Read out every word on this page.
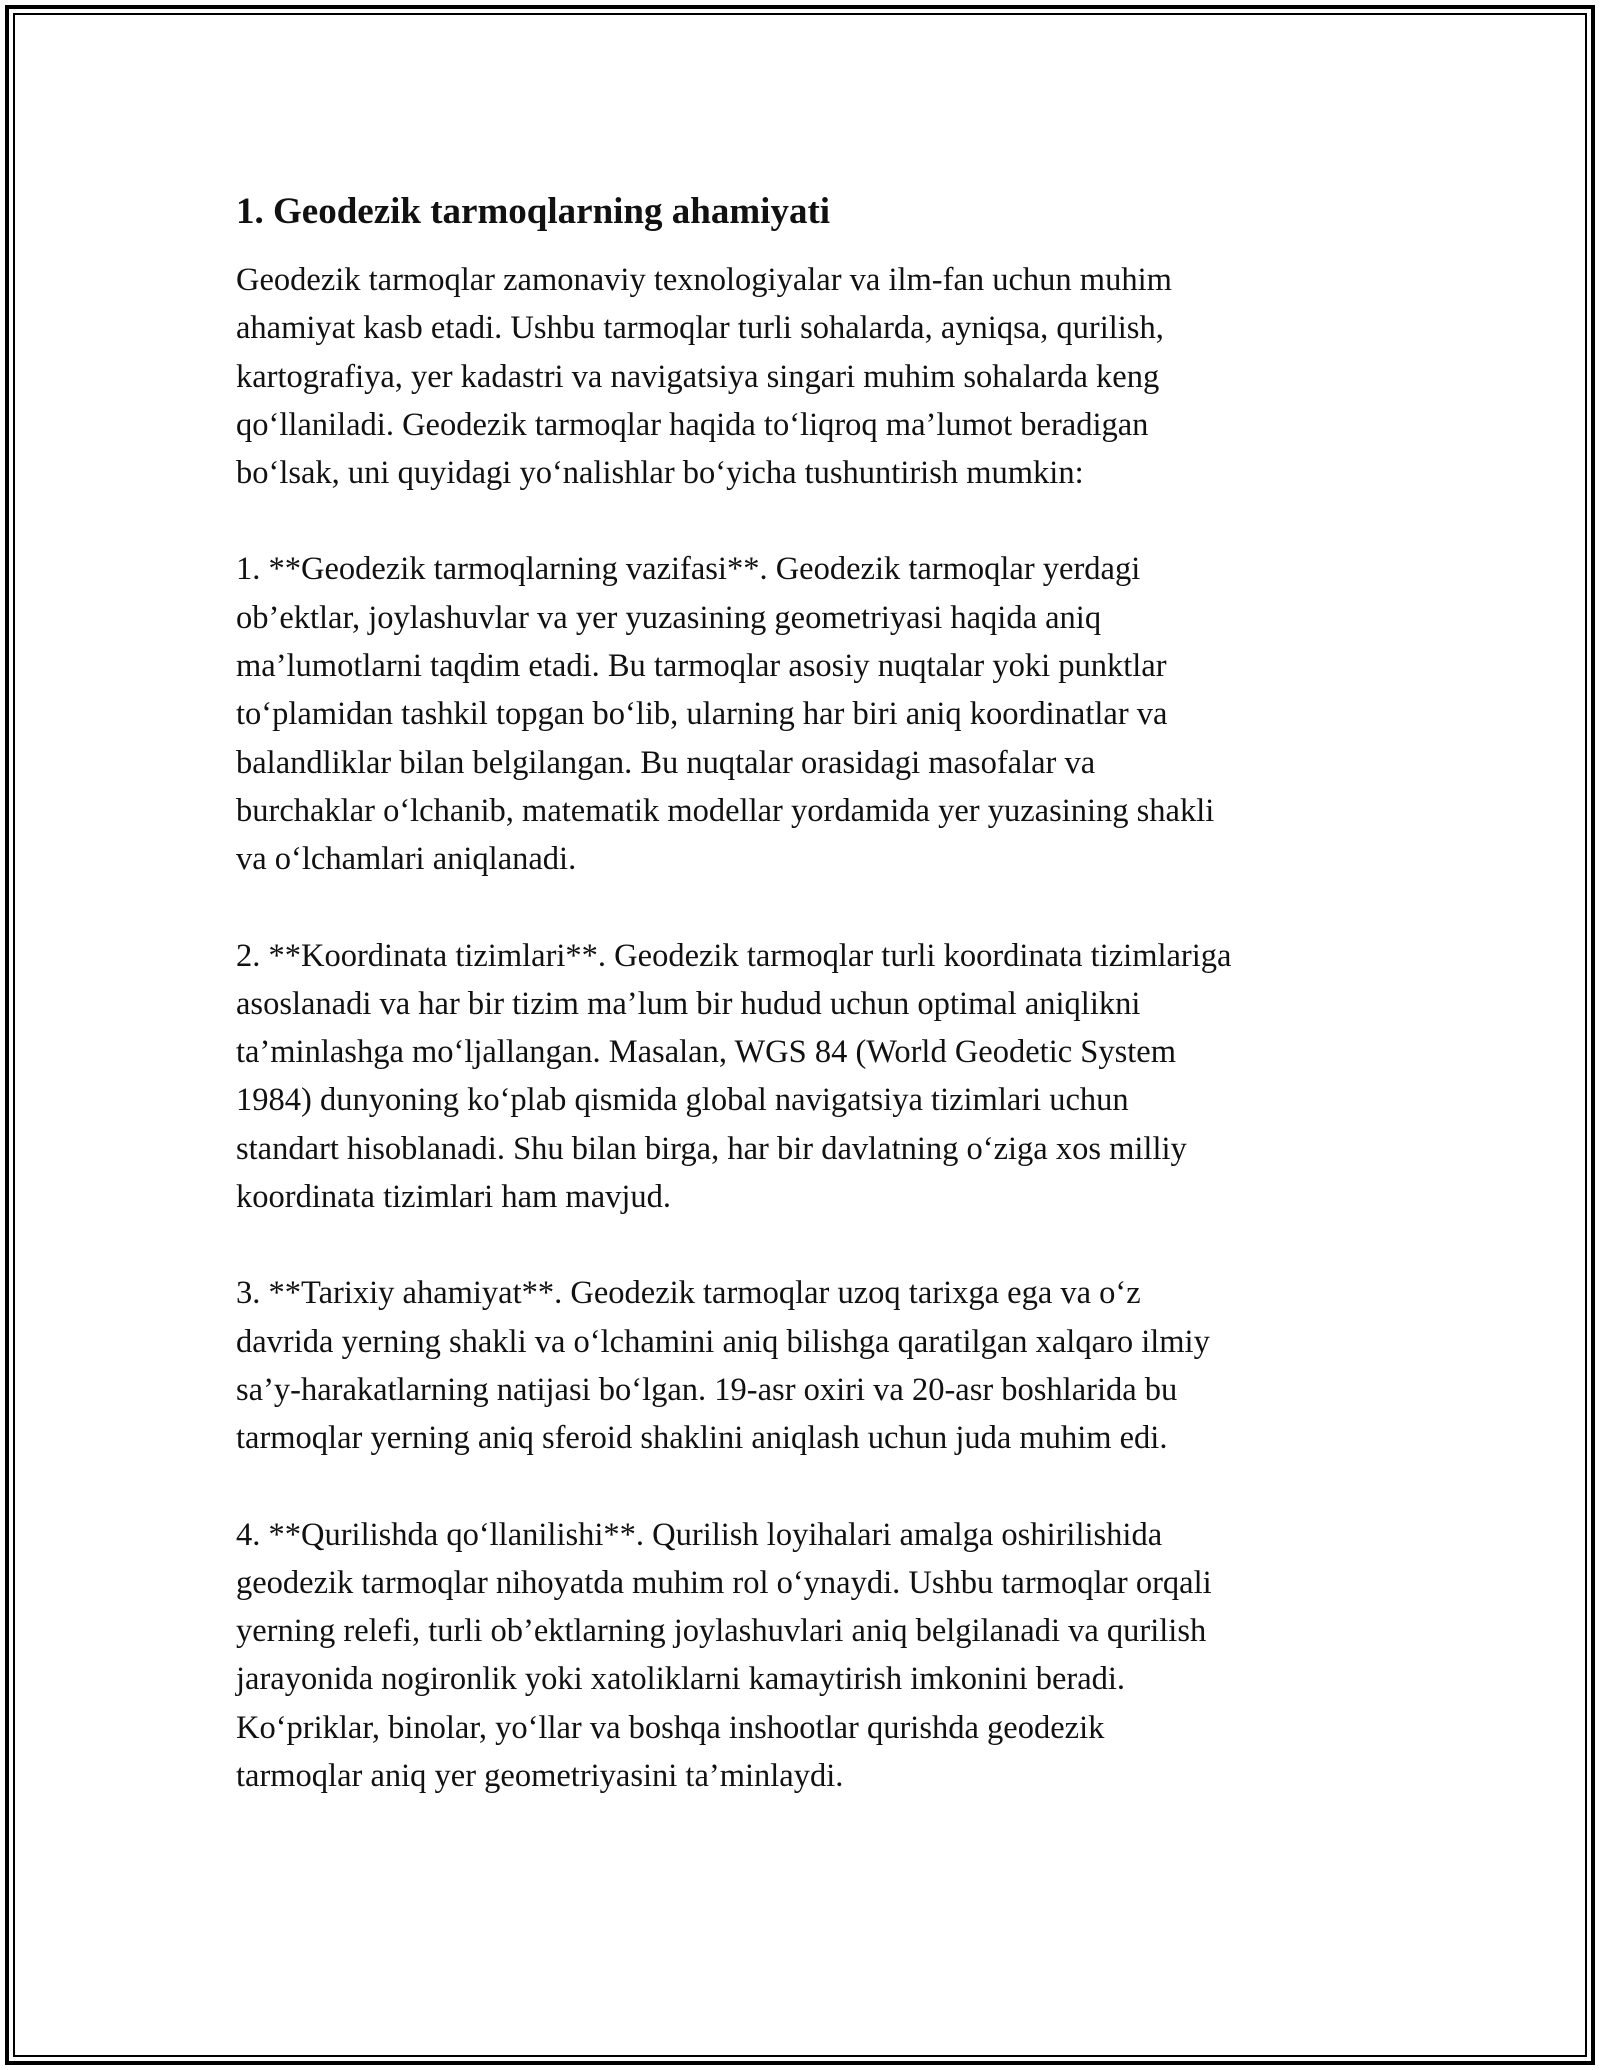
1. Geodezik tarmoqlarning ahamiyati

Geodezik tarmoqlar zamonaviy texnologiyalar va ilm-fan uchun muhim
ahamiyat kasb etadi. Ushbu tarmoqlar turli sohalarda, ayniqsa, qurilish,
kartografiya, yer kadastri va navigatsiya singari muhim sohalarda keng
qo‘llaniladi. Geodezik tarmoqlar haqida to‘liqroq ma’lumot beradigan
bo‘lsak, uni quyidagi yo‘nalishlar bo‘yicha tushuntirish mumkin:

1. **Geodezik tarmoqlarning vazifasi**. Geodezik tarmoqlar yerdagi
ob’ektlar, joylashuvlar va yer yuzasining geometriyasi haqida aniq
ma’lumotlarni taqdim etadi. Bu tarmoqlar asosiy nuqtalar yoki punktlar
to‘plamidan tashkil topgan bo‘lib, ularning har biri aniq koordinatlar va
balandliklar bilan belgilangan. Bu nuqtalar orasidagi masofalar va
burchaklar o‘lchanib, matematik modellar yordamida yer yuzasining shakli
va o‘lchamlari aniqlanadi.

2. **Koordinata tizimlari**. Geodezik tarmoqlar turli koordinata tizimlariga
asoslanadi va har bir tizim ma’lum bir hudud uchun optimal aniqlikni
ta’minlashga mo‘ljallangan. Masalan, WGS 84 (World Geodetic System
1984) dunyoning ko‘plab qismida global navigatsiya tizimlari uchun
standart hisoblanadi. Shu bilan birga, har bir davlatning o‘ziga xos milliy
koordinata tizimlari ham mavjud.

3. **Tarixiy ahamiyat**. Geodezik tarmoqlar uzoq tarixga ega va o‘z
davrida yerning shakli va o‘lchamini aniq bilishga qaratilgan xalqaro ilmiy
sa’y-harakatlarning natijasi bo‘lgan. 19-asr oxiri va 20-asr boshlarida bu
tarmoqlar yerning aniq sferoid shaklini aniqlash uchun juda muhim edi.

4. **Qurilishda qo‘llanilishi**. Qurilish loyihalari amalga oshirilishida
geodezik tarmoqlar nihoyatda muhim rol o‘ynaydi. Ushbu tarmoqlar orqali
yerning relefi, turli ob’ektlarning joylashuvlari aniq belgilanadi va qurilish
jarayonida nogironlik yoki xatoliklarni kamaytirish imkonini beradi.
Ko‘priklar, binolar, yo‘llar va boshqa inshootlar qurishda geodezik
tarmoqlar aniq yer geometriyasini ta’minlaydi.
